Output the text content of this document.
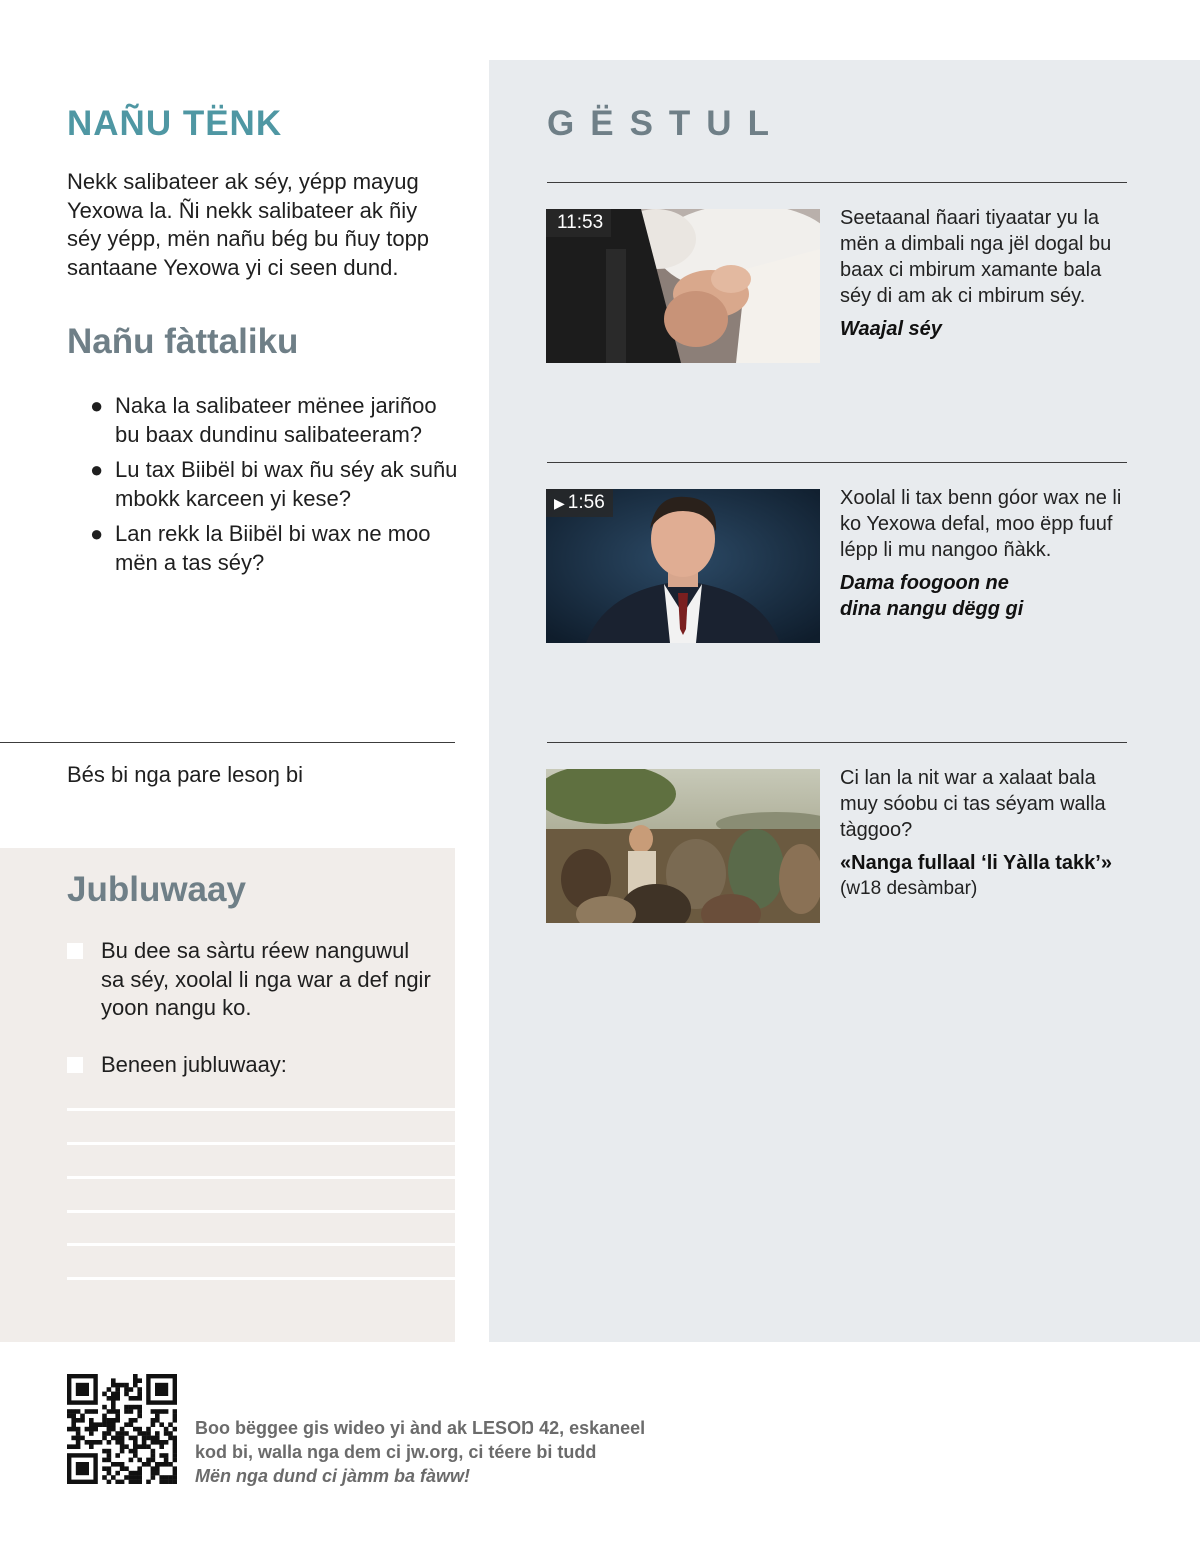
NAÑU TËNK

Nekk salibateer ak séy, yépp mayug Yexowa la. Ñi nekk salibateer ak ñiy séy yépp, mën nañu bég bu ñuy topp santaane Yexowa yi ci seen dund.

Nañu fàttaliku
● Naka la salibateer mënee jariñoo bu baax dundinu salibateeram?
● Lu tax Biibël bi wax ñu séy ak suñu mbokk karceen yi kese?
● Lan rekk la Biibël bi wax ne moo mën a tas séy?

Bés bi nga pare lesoŋ bi

Jubluwaay
Bu dee sa sàrtu réew nanguwul sa séy, xoolal li nga war a def ngir yoon nangu ko.
Beneen jubluwaay:
GËSTUL
11:53	Seetaanal ñaari tiyaatar yu la mën a dimbali nga jël dogal bu baax ci mbirum xamante bala séy di am ak ci mbirum séy.

Waajal séy
▶ 1:56	Xoolal li tax benn góor wax ne li ko Yexowa defal, moo ëpp fuuf lépp li mu nangoo ñàkk.

Dama foogoon ne
dina nangu dëgg gi

Ci lan la nit war a xalaat bala muy sóobu ci tas séyam walla tàggoo?

«Nanga fullaal ‘li Yàlla takk’»
(w18 desàmbar)
Boo bëggee gis wideo yi ànd ak LESOŊ 42, eskaneel
kod bi, walla nga dem ci jw.org, ci téere bi tudd
Mën nga dund ci jàmm ba fàww!
